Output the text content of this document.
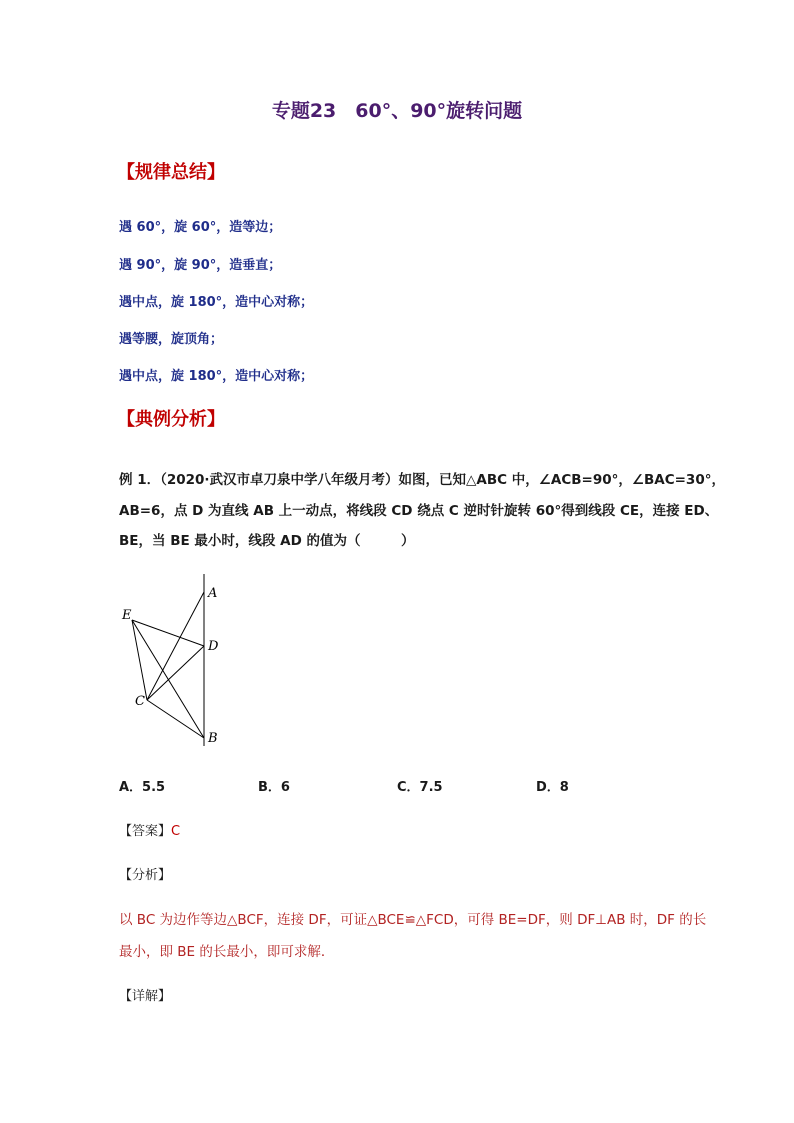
专题23　60°、90°旋转问题
【规律总结】
遇 60°，旋 60°，造等边；
遇 90°，旋 90°，造垂直；
遇中点，旋 180°，造中心对称；
遇等腰，旋顶角；
遇中点，旋 180°，造中心对称；
【典例分析】
例 1．（2020·武汉市卓刀泉中学八年级月考）如图，已知△ABC 中，∠ACB=90°，∠BAC=30°，
AB=6，点 D 为直线 AB 上一动点，将线段 CD 绕点 C 逆时针旋转 60°得到线段 CE，连接 ED、
BE，当 BE 最小时，线段 AD 的值为（　　　）
A
E
D
C
B
A．5.5	B．6	C．7.5	D．8
【答案】C
【分析】
以 BC 为边作等边△BCF，连接 DF，可证△BCE≌△FCD，可得 BE=DF，则 DF⊥AB 时，DF 的长
最小，即 BE 的长最小，即可求解．
【详解】
